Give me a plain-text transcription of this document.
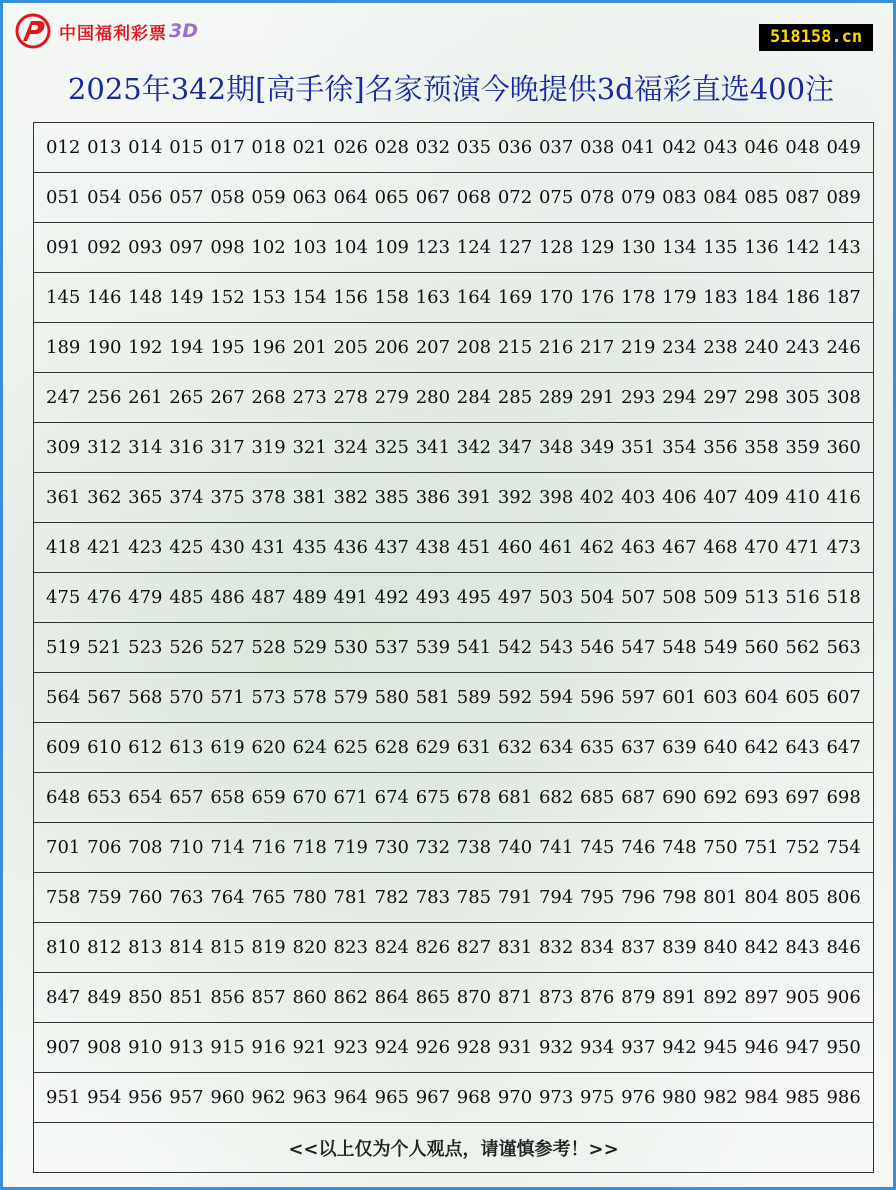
中国福利彩票 3D	518158.cn
2025年342期[高手徐]名家预演今晚提供3d福彩直选400注
012 013 014 015 017 018 021 026 028 032 035 036 037 038 041 042 043 046 048 049
051 054 056 057 058 059 063 064 065 067 068 072 075 078 079 083 084 085 087 089
091 092 093 097 098 102 103 104 109 123 124 127 128 129 130 134 135 136 142 143
145 146 148 149 152 153 154 156 158 163 164 169 170 176 178 179 183 184 186 187
189 190 192 194 195 196 201 205 206 207 208 215 216 217 219 234 238 240 243 246
247 256 261 265 267 268 273 278 279 280 284 285 289 291 293 294 297 298 305 308
309 312 314 316 317 319 321 324 325 341 342 347 348 349 351 354 356 358 359 360
361 362 365 374 375 378 381 382 385 386 391 392 398 402 403 406 407 409 410 416
418 421 423 425 430 431 435 436 437 438 451 460 461 462 463 467 468 470 471 473
475 476 479 485 486 487 489 491 492 493 495 497 503 504 507 508 509 513 516 518
519 521 523 526 527 528 529 530 537 539 541 542 543 546 547 548 549 560 562 563
564 567 568 570 571 573 578 579 580 581 589 592 594 596 597 601 603 604 605 607
609 610 612 613 619 620 624 625 628 629 631 632 634 635 637 639 640 642 643 647
648 653 654 657 658 659 670 671 674 675 678 681 682 685 687 690 692 693 697 698
701 706 708 710 714 716 718 719 730 732 738 740 741 745 746 748 750 751 752 754
758 759 760 763 764 765 780 781 782 783 785 791 794 795 796 798 801 804 805 806
810 812 813 814 815 819 820 823 824 826 827 831 832 834 837 839 840 842 843 846
847 849 850 851 856 857 860 862 864 865 870 871 873 876 879 891 892 897 905 906
907 908 910 913 915 916 921 923 924 926 928 931 932 934 937 942 945 946 947 950
951 954 956 957 960 962 963 964 965 967 968 970 973 975 976 980 982 984 985 986
<<以上仅为个人观点，请谨慎参考！>>
